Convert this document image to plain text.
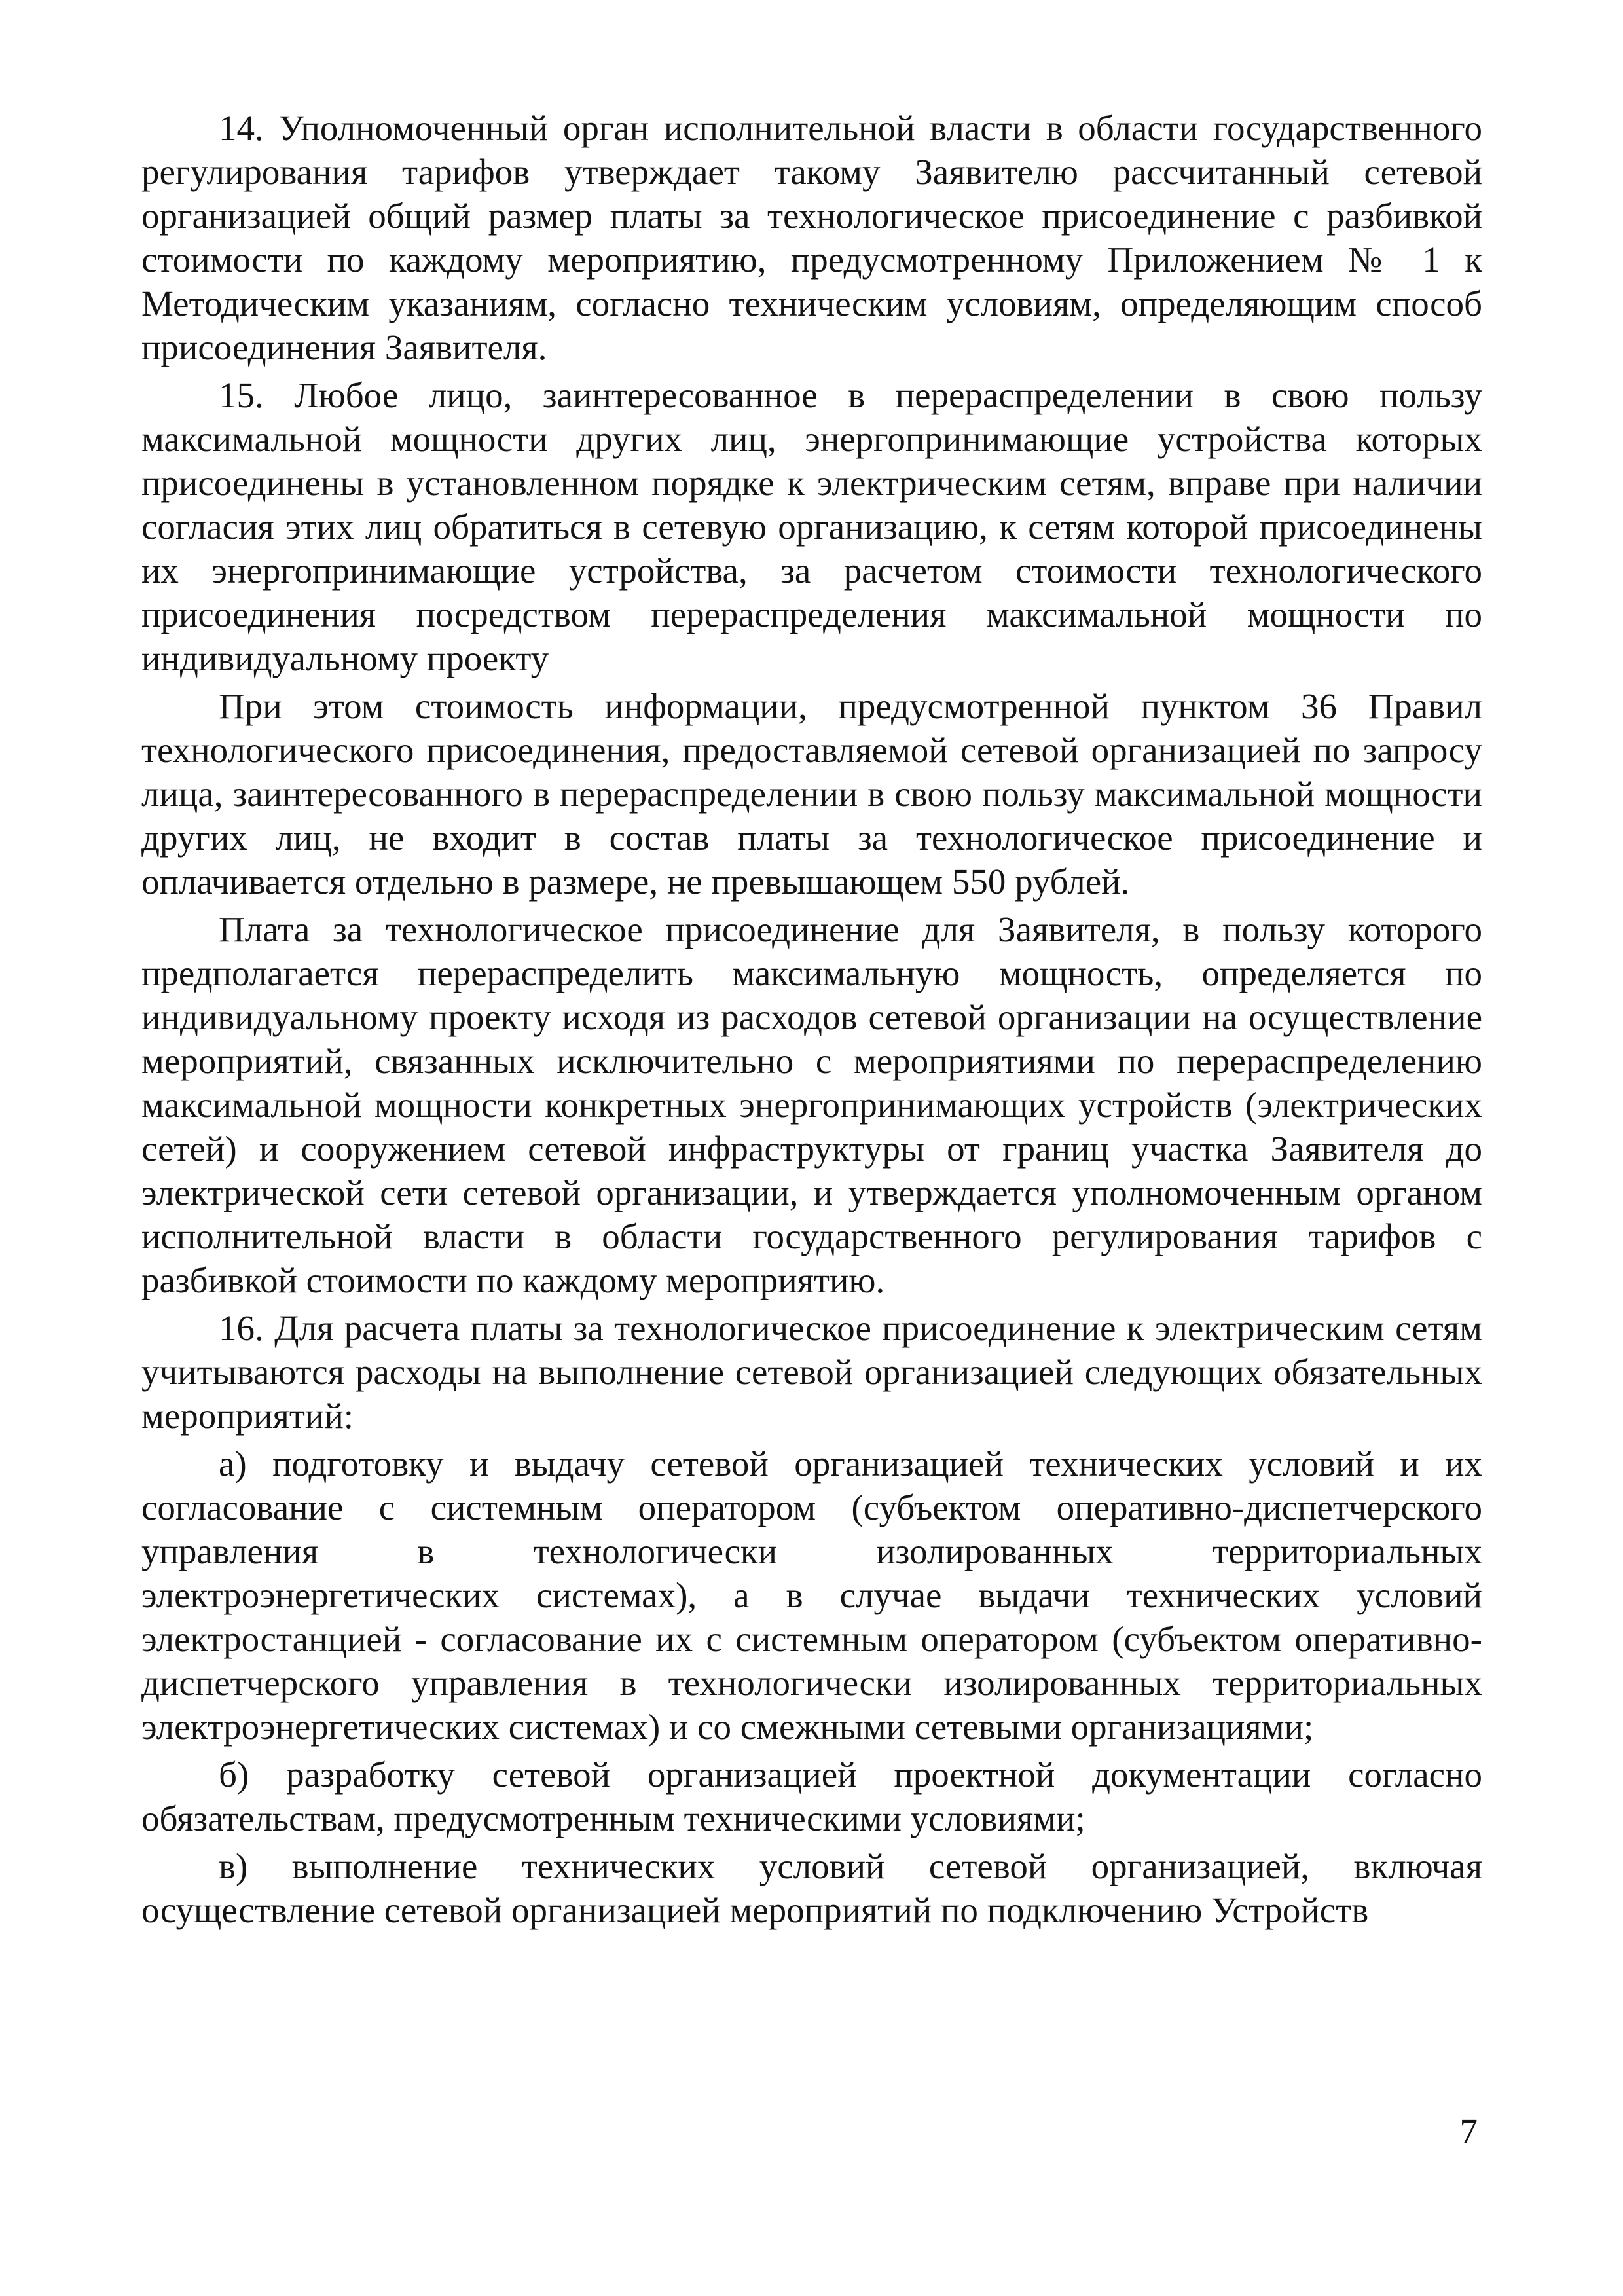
14. Уполномоченный орган исполнительной власти в области государственного регулирования тарифов утверждает такому Заявителю рассчитанный сетевой организацией общий размер платы за технологическое присоединение с разбивкой стоимости по каждому мероприятию, предусмотренному Приложением № 1 к Методическим указаниям, согласно техническим условиям, определяющим способ присоединения Заявителя.

15. Любое лицо, заинтересованное в перераспределении в свою пользу максимальной мощности других лиц, энергопринимающие устройства которых присоединены в установленном порядке к электрическим сетям, вправе при наличии согласия этих лиц обратиться в сетевую организацию, к сетям которой присоединены их энергопринимающие устройства, за расчетом стоимости технологического присоединения посредством перераспределения максимальной мощности по индивидуальному проекту

При этом стоимость информации, предусмотренной пунктом 36 Правил технологического присоединения, предоставляемой сетевой организацией по запросу лица, заинтересованного в перераспределении в свою пользу максимальной мощности других лиц, не входит в состав платы за технологическое присоединение и оплачивается отдельно в размере, не превышающем 550 рублей.

Плата за технологическое присоединение для Заявителя, в пользу которого предполагается перераспределить максимальную мощность, определяется по индивидуальному проекту исходя из расходов сетевой организации на осуществление мероприятий, связанных исключительно с мероприятиями по перераспределению максимальной мощности конкретных энергопринимающих устройств (электрических сетей) и сооружением сетевой инфраструктуры от границ участка Заявителя до электрической сети сетевой организации, и утверждается уполномоченным органом исполнительной власти в области государственного регулирования тарифов с разбивкой стоимости по каждому мероприятию.

16. Для расчета платы за технологическое присоединение к электрическим сетям учитываются расходы на выполнение сетевой организацией следующих обязательных мероприятий:

а) подготовку и выдачу сетевой организацией технических условий и их согласование с системным оператором (субъектом оперативно-диспетчерского управления в технологически изолированных территориальных электроэнергетических системах), а в случае выдачи технических условий электростанцией - согласование их с системным оператором (субъектом оперативно-диспетчерского управления в технологически изолированных территориальных электроэнергетических системах) и со смежными сетевыми организациями;

б) разработку сетевой организацией проектной документации согласно обязательствам, предусмотренным техническими условиями;

в) выполнение технических условий сетевой организацией, включая осуществление сетевой организацией мероприятий по подключению Устройств

7
